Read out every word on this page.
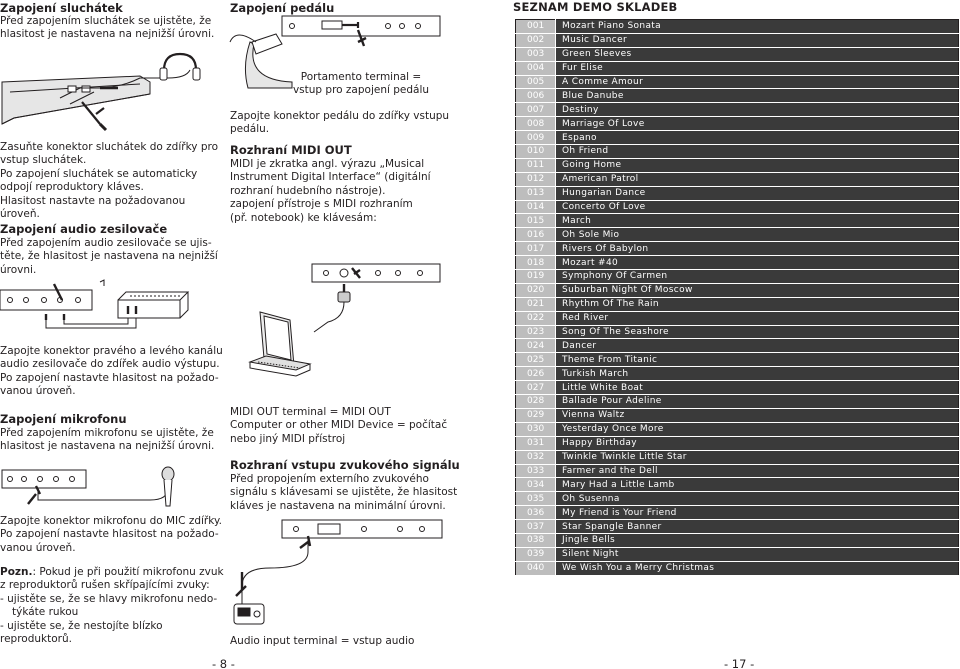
Zapojení sluchátek
Před zapojením sluchátek se ujistěte, že
hlasitost je nastavena na nejnižší úrovni.
Zasuňte konektor sluchátek do zdířky pro
vstup sluchátek.
Po zapojení sluchátek se automaticky
odpojí reproduktory kláves.
Hlasitost nastavte na požadovanou úroveň.
Zapojení audio zesilovače
Před zapojením audio zesilovače se ujis-
těte, že hlasitost je nastavena na nejnižší
úrovni.
Zapojte konektor pravého a levého kanálu
audio zesilovače do zdířek audio výstupu.
Po zapojení nastavte hlasitost na požado-
vanou úroveň.
Zapojení mikrofonu
Před zapojením mikrofonu se ujistěte, že
hlasitost je nastavena na nejnižší úrovni.
Zapojte konektor mikrofonu do MIC zdířky.
Po zapojení nastavte hlasitost na požado-
vanou úroveň.
Pozn.: Pokud je při použití mikrofonu zvuk
z reproduktorů rušen skřípajícími zvuky:
- ujistěte se, že se hlavy mikrofonu nedo-
týkáte rukou
- ujistěte se, že nestojíte blízko reproduktorů.
Zapojení pedálu
Portamento terminal =
vstup pro zapojení pedálu
Zapojte konektor pedálu do zdířky vstupu
pedálu.
Rozhraní MIDI OUT
MIDI je zkratka angl. výrazu „Musical
Instrument Digital Interface“ (digitální
rozhraní hudebního nástroje).
zapojení přístroje s MIDI rozhraním
(př. notebook) ke klávesám:
MIDI OUT terminal = MIDI OUT
Computer or other MIDI Device = počítač
nebo jiný MIDI přístroj
Rozhraní vstupu zvukového signálu
Před propojením externího zvukového
signálu s klávesami se ujistěte, že hlasitost
kláves je nastavena na minimální úrovni.
Audio input terminal = vstup audio
- 8 -
SEZNAM DEMO SKLADEB
001	Mozart Piano Sonata
002	Music Dancer
003	Green Sleeves
004	Fur Elise
005	A Comme Amour
006	Blue Danube
007	Destiny
008	Marriage Of Love
009	Espano
010	Oh Friend
011	Going Home
012	American Patrol
013	Hungarian Dance
014	Concerto Of Love
015	March
016	Oh Sole Mio
017	Rivers Of Babylon
018	Mozart #40
019	Symphony Of Carmen
020	Suburban Night Of Moscow
021	Rhythm Of The Rain
022	Red River
023	Song Of The Seashore
024	Dancer
025	Theme From Titanic
026	Turkish March
027	Little White Boat
028	Ballade Pour Adeline
029	Vienna Waltz
030	Yesterday Once More
031	Happy Birthday
032	Twinkle Twinkle Little Star
033	Farmer and the Dell
034	Mary Had a Little Lamb
035	Oh Susenna
036	My Friend is Your Friend
037	Star Spangle Banner
038	Jingle Bells
039	Silent Night
040	We Wish You a Merry Christmas
- 17 -
